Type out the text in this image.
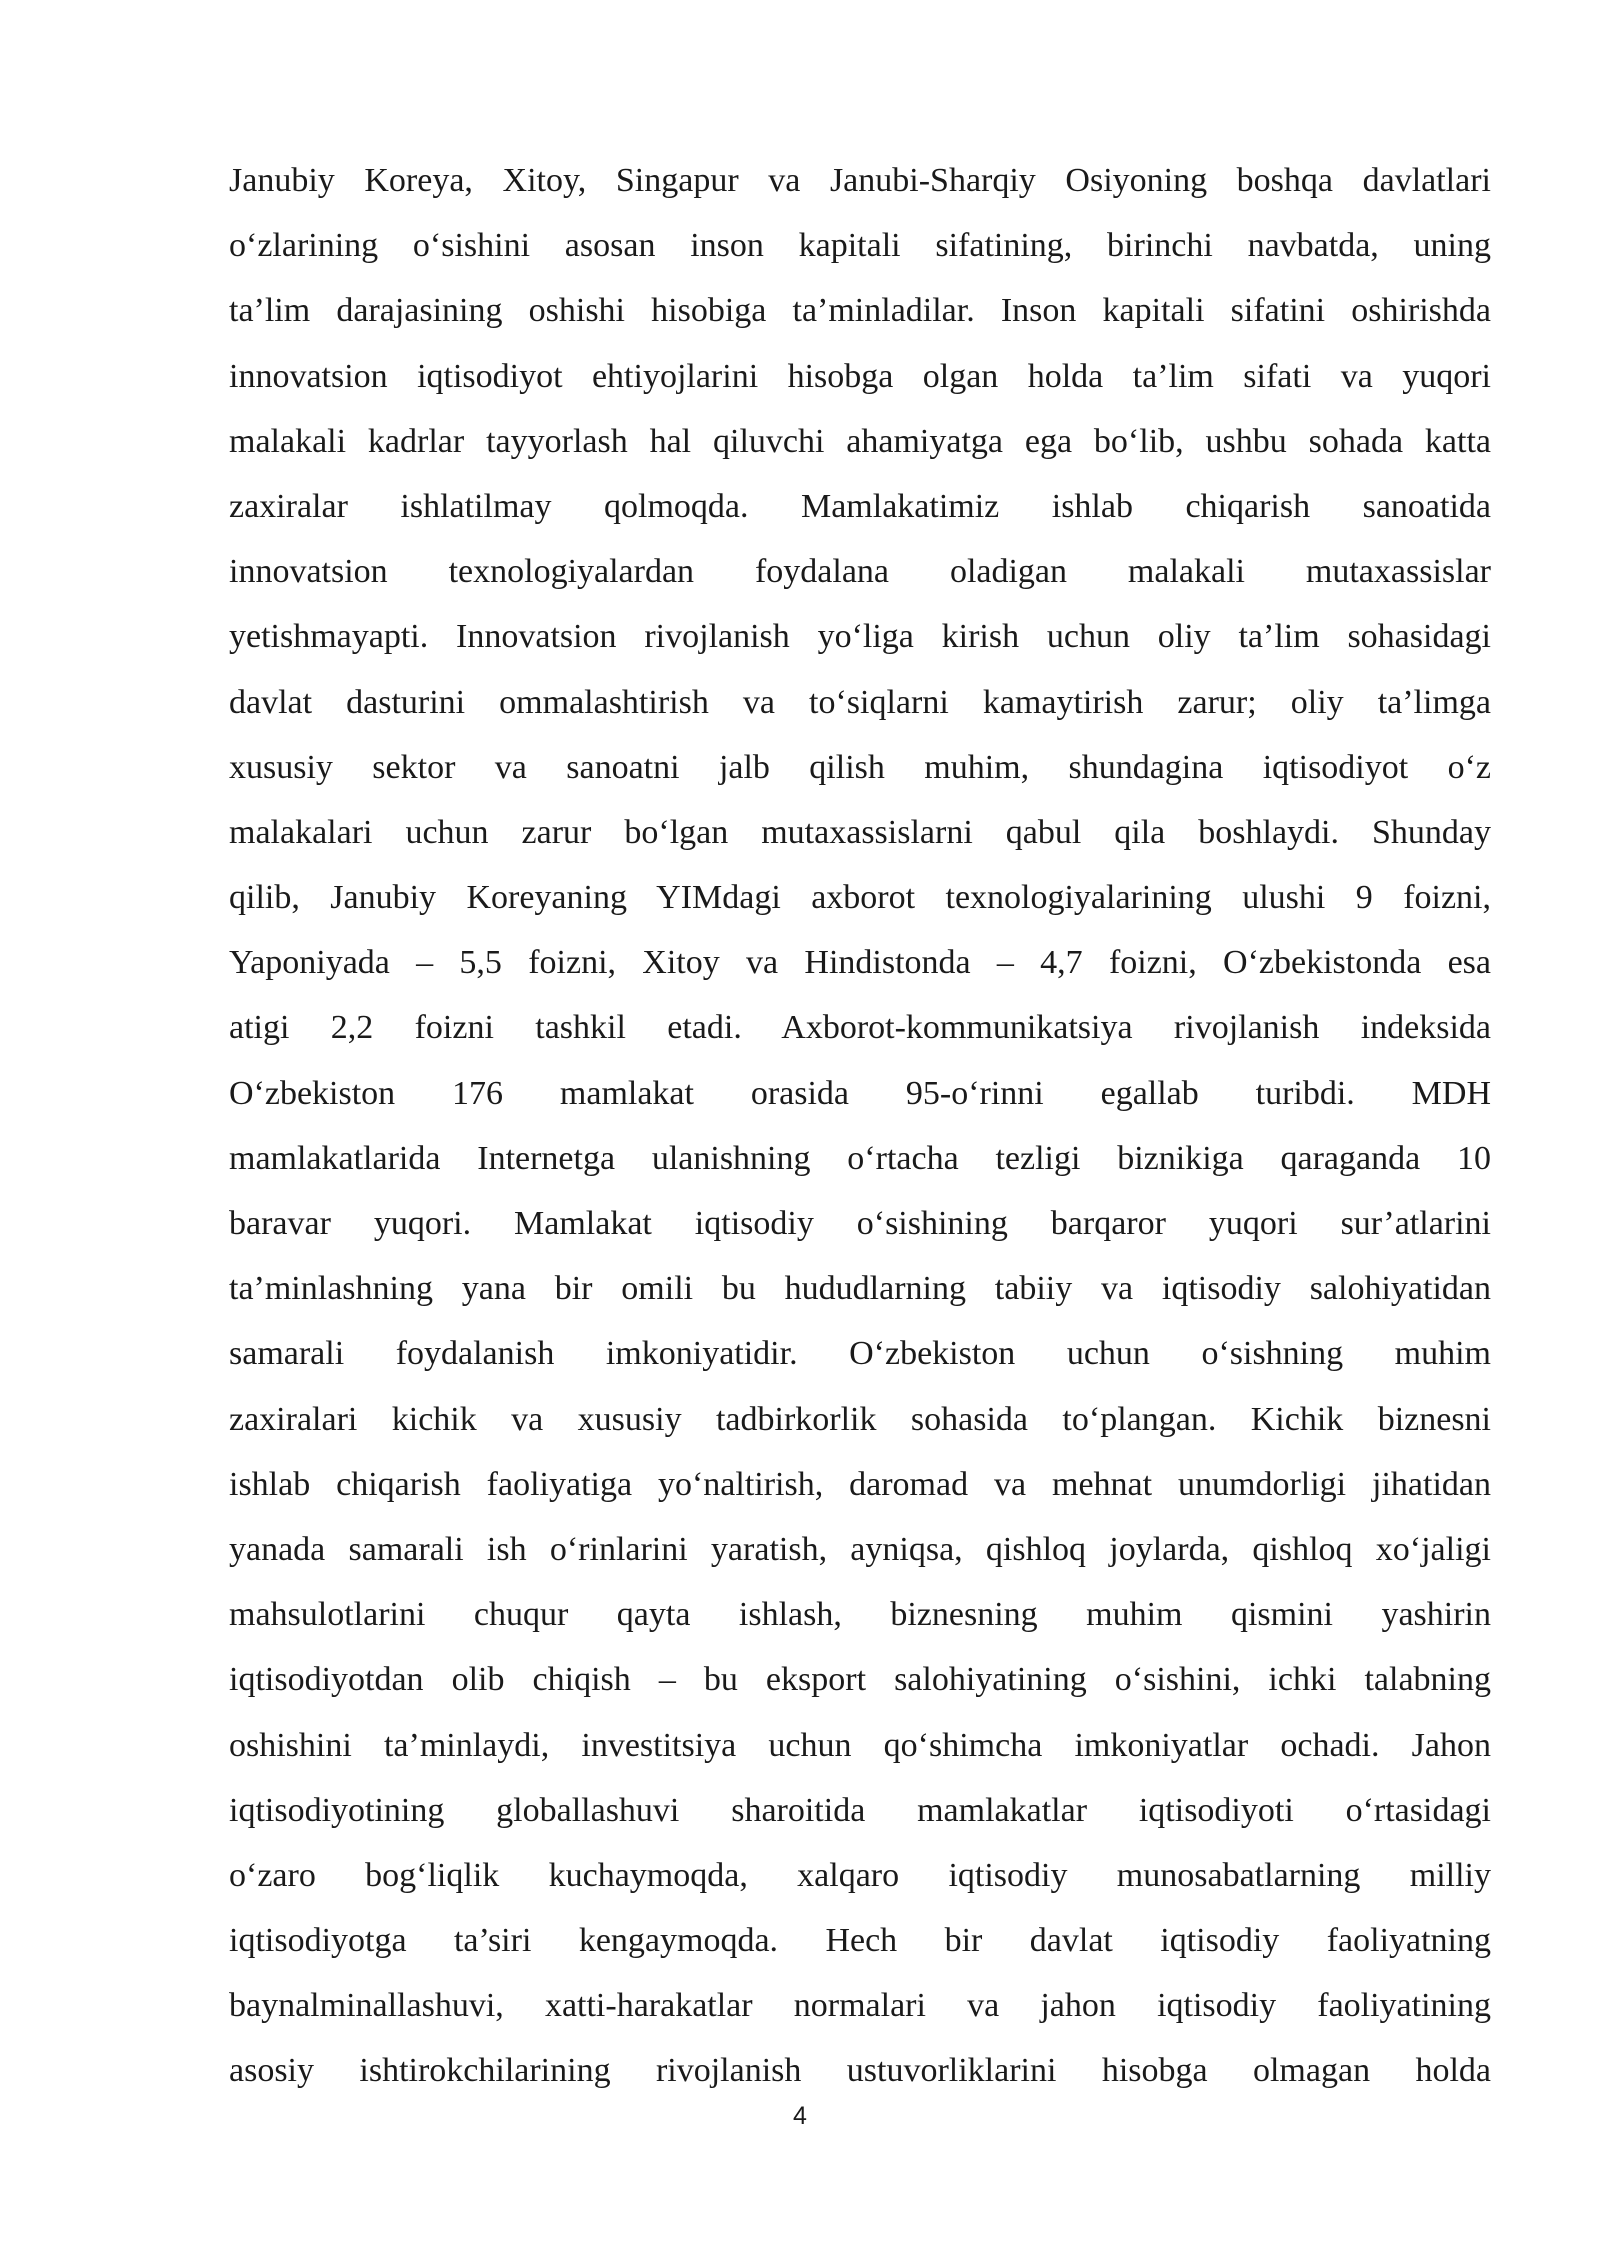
Janubiy Koreya, Xitoy, Singapur va Janubi-Sharqiy Osiyoning boshqa davlatlari
o‘zlarining o‘sishini asosan inson kapitali sifatining, birinchi navbatda, uning
ta’lim darajasining oshishi hisobiga ta’minladilar. Inson kapitali sifatini oshirishda
innovatsion iqtisodiyot ehtiyojlarini hisobga olgan holda ta’lim sifati va yuqori
malakali kadrlar tayyorlash hal qiluvchi ahamiyatga ega bo‘lib, ushbu sohada katta
zaxiralar ishlatilmay qolmoqda. Mamlakatimiz ishlab chiqarish sanoatida
innovatsion texnologiyalardan foydalana oladigan malakali mutaxassislar
yetishmayapti. Innovatsion rivojlanish yo‘liga kirish uchun oliy ta’lim sohasidagi
davlat dasturini ommalashtirish va to‘siqlarni kamaytirish zarur; oliy ta’limga
xususiy sektor va sanoatni jalb qilish muhim, shundagina iqtisodiyot o‘z
malakalari uchun zarur bo‘lgan mutaxassislarni qabul qila boshlaydi. Shunday
qilib, Janubiy Koreyaning YIMdagi axborot texnologiyalarining ulushi 9 foizni,
Yaponiyada – 5,5 foizni, Xitoy va Hindistonda – 4,7 foizni, O‘zbekistonda esa
atigi 2,2 foizni tashkil etadi. Axborot-kommunikatsiya rivojlanish indeksida
O‘zbekiston 176 mamlakat orasida 95-o‘rinni egallab turibdi. MDH
mamlakatlarida Internetga ulanishning o‘rtacha tezligi biznikiga qaraganda 10
baravar yuqori. Mamlakat iqtisodiy o‘sishining barqaror yuqori sur’atlarini
ta’minlashning yana bir omili bu hududlarning tabiiy va iqtisodiy salohiyatidan
samarali foydalanish imkoniyatidir. O‘zbekiston uchun o‘sishning muhim
zaxiralari kichik va xususiy tadbirkorlik sohasida to‘plangan. Kichik biznesni
ishlab chiqarish faoliyatiga yo‘naltirish, daromad va mehnat unumdorligi jihatidan
yanada samarali ish o‘rinlarini yaratish, ayniqsa, qishloq joylarda, qishloq xo‘jaligi
mahsulotlarini chuqur qayta ishlash, biznesning muhim qismini yashirin
iqtisodiyotdan olib chiqish – bu eksport salohiyatining o‘sishini, ichki talabning
oshishini ta’minlaydi, investitsiya uchun qo‘shimcha imkoniyatlar ochadi. Jahon
iqtisodiyotining globallashuvi sharoitida mamlakatlar iqtisodiyoti o‘rtasidagi
o‘zaro bog‘liqlik kuchaymoqda, xalqaro iqtisodiy munosabatlarning milliy
iqtisodiyotga ta’siri kengaymoqda. Hech bir davlat iqtisodiy faoliyatning
baynalminallashuvi, xatti-harakatlar normalari va jahon iqtisodiy faoliyatining
asosiy ishtirokchilarining rivojlanish ustuvorliklarini hisobga olmagan holda
4
